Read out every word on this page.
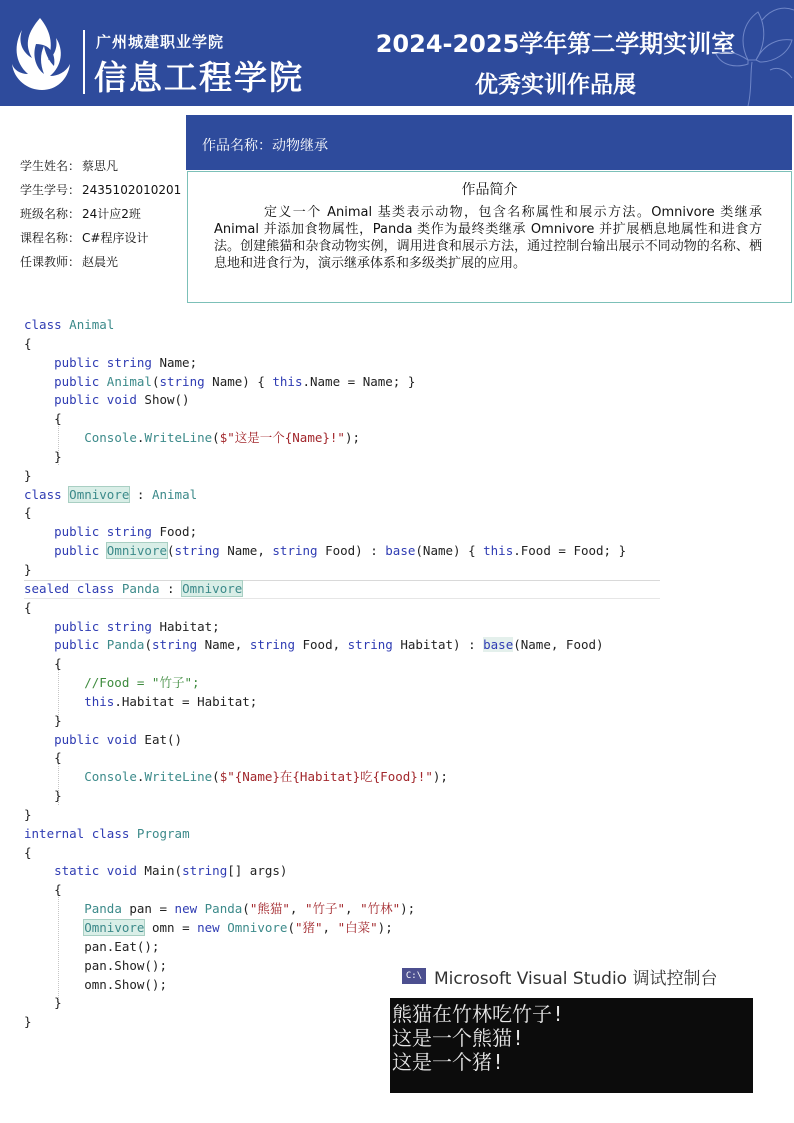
广州城建职业学院
信息工程学院
2024-2025学年第二学期实训室
优秀实训作品展
学生姓名： 蔡思凡
学生学号： 2435102010201
班级名称： 24计应2班
课程名称： C#程序设计
任课教师： 赵晨光
作品名称：动物继承
作品简介
定义一个 Animal 基类表示动物，包含名称属性和展示方法。Omnivore 类继承 Animal 并添加食物属性，Panda 类作为最终类继承 Omnivore 并扩展栖息地属性和进食方法。创建熊猫和杂食动物实例，调用进食和展示方法，通过控制台输出展示不同动物的名称、栖息地和进食行为，演示继承体系和多级类扩展的应用。
class Animal
{
public string Name;
public Animal(string Name) { this.Name = Name; }
public void Show()
{
Console.WriteLine($"这是一个{Name}!");
}
}
class Omnivore : Animal
{
public string Food;
public Omnivore(string Name, string Food) : base(Name) { this.Food = Food; }
}
sealed class Panda : Omnivore
{
public string Habitat;
public Panda(string Name, string Food, string Habitat) : base(Name, Food)
{
//Food = "竹子";
this.Habitat = Habitat;
}
public void Eat()
{
Console.WriteLine($"{Name}在{Habitat}吃{Food}!");
}
}
internal class Program
{
static void Main(string[] args)
{
Panda pan = new Panda("熊猫", "竹子", "竹林");
Omnivore omn = new Omnivore("猪", "白菜");
pan.Eat();
pan.Show();
omn.Show();
}
}
C:\ Microsoft Visual Studio 调试控制台
熊猫在竹林吃竹子!
这是一个熊猫!
这是一个猪!
